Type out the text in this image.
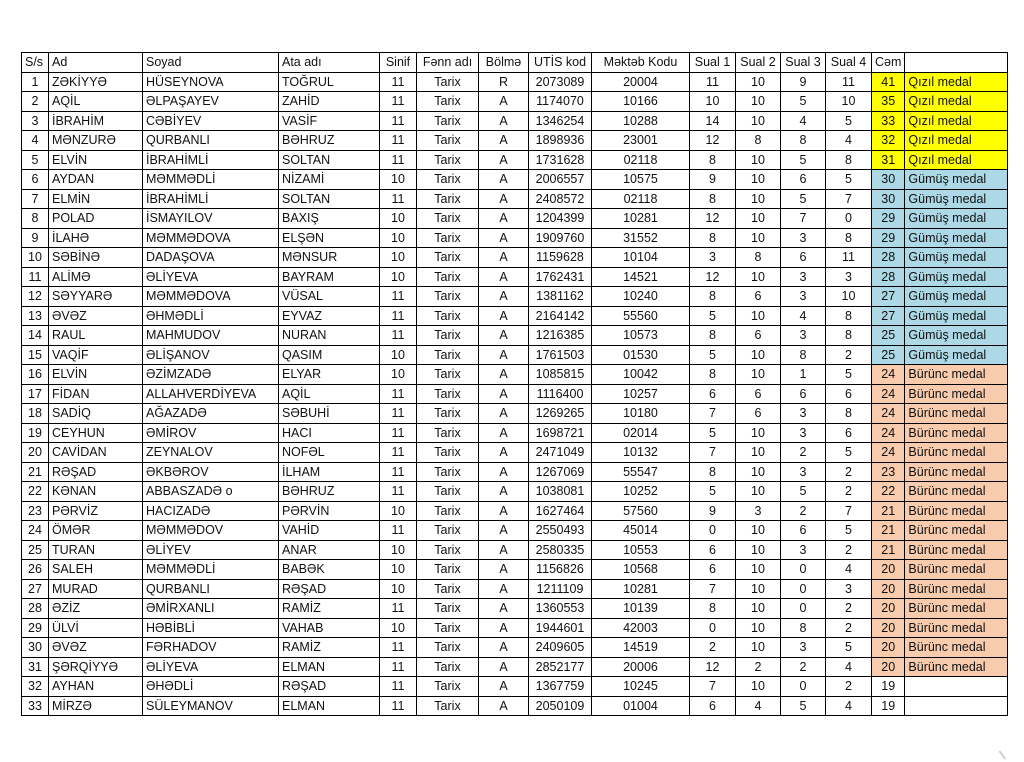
S/s	Ad	Soyad	Ata adı	Sinif	Fənn adı	Bölmə	UTİS kod	Məktəb Kodu	Sual 1	Sual 2	Sual 3	Sual 4	Cəm	
1	ZƏKİYYƏ	HÜSEYNOVA	TOĞRUL	11	Tarix	R	2073089	20004	11	10	9	11	41	Qızıl medal
2	AQİL	ƏLPAŞAYEV	ZAHİD	11	Tarix	A	1174070	10166	10	10	5	10	35	Qızıl medal
3	İBRAHİM	CƏBİYEV	VASİF	11	Tarix	A	1346254	10288	14	10	4	5	33	Qızıl medal
4	MƏNZURƏ	QURBANLI	BƏHRUZ	11	Tarix	A	1898936	23001	12	8	8	4	32	Qızıl medal
5	ELVİN	İBRAHİMLİ	SOLTAN	11	Tarix	A	1731628	02118	8	10	5	8	31	Qızıl medal
6	AYDAN	MƏMMƏDLİ	NİZAMİ	10	Tarix	A	2006557	10575	9	10	6	5	30	Gümüş medal
7	ELMİN	İBRAHİMLİ	SOLTAN	11	Tarix	A	2408572	02118	8	10	5	7	30	Gümüş medal
8	POLAD	İSMAYILOV	BAXIŞ	10	Tarix	A	1204399	10281	12	10	7	0	29	Gümüş medal
9	İLAHƏ	MƏMMƏDOVA	ELŞƏN	10	Tarix	A	1909760	31552	8	10	3	8	29	Gümüş medal
10	SƏBİNƏ	DADAŞOVA	MƏNSUR	10	Tarix	A	1159628	10104	3	8	6	11	28	Gümüş medal
11	ALİMƏ	ƏLİYEVA	BAYRAM	10	Tarix	A	1762431	14521	12	10	3	3	28	Gümüş medal
12	SƏYYARƏ	MƏMMƏDOVA	VÜSAL	11	Tarix	A	1381162	10240	8	6	3	10	27	Gümüş medal
13	ƏVƏZ	ƏHMƏDLİ	EYVAZ	11	Tarix	A	2164142	55560	5	10	4	8	27	Gümüş medal
14	RAUL	MAHMUDOV	NURAN	11	Tarix	A	1216385	10573	8	6	3	8	25	Gümüş medal
15	VAQİF	ƏLİŞANOV	QASIM	10	Tarix	A	1761503	01530	5	10	8	2	25	Gümüş medal
16	ELVİN	ƏZİMZADƏ	ELYAR	10	Tarix	A	1085815	10042	8	10	1	5	24	Bürünc medal
17	FİDAN	ALLAHVERDİYEVA	AQİL	11	Tarix	A	1116400	10257	6	6	6	6	24	Bürünc medal
18	SADİQ	AĞAZADƏ	SƏBUHİ	11	Tarix	A	1269265	10180	7	6	3	8	24	Bürünc medal
19	CEYHUN	ƏMİROV	HACI	11	Tarix	A	1698721	02014	5	10	3	6	24	Bürünc medal
20	CAVİDAN	ZEYNALOV	NOFƏL	11	Tarix	A	2471049	10132	7	10	2	5	24	Bürünc medal
21	RƏŞAD	ƏKBƏROV	İLHAM	11	Tarix	A	1267069	55547	8	10	3	2	23	Bürünc medal
22	KƏNAN	ABBASZADƏ o	BƏHRUZ	11	Tarix	A	1038081	10252	5	10	5	2	22	Bürünc medal
23	PƏRVİZ	HACIZADƏ	PƏRVİN	10	Tarix	A	1627464	57560	9	3	2	7	21	Bürünc medal
24	ÖMƏR	MƏMMƏDOV	VAHİD	11	Tarix	A	2550493	45014	0	10	6	5	21	Bürünc medal
25	TURAN	ƏLİYEV	ANAR	10	Tarix	A	2580335	10553	6	10	3	2	21	Bürünc medal
26	SALEH	MƏMMƏDLİ	BABƏK	10	Tarix	A	1156826	10568	6	10	0	4	20	Bürünc medal
27	MURAD	QURBANLI	RƏŞAD	10	Tarix	A	1211109	10281	7	10	0	3	20	Bürünc medal
28	ƏZİZ	ƏMİRXANLI	RAMİZ	11	Tarix	A	1360553	10139	8	10	0	2	20	Bürünc medal
29	ÜLVİ	HƏBİBLİ	VAHAB	10	Tarix	A	1944601	42003	0	10	8	2	20	Bürünc medal
30	ƏVƏZ	FƏRHADOV	RAMİZ	11	Tarix	A	2409605	14519	2	10	3	5	20	Bürünc medal
31	ŞƏRQİYYƏ	ƏLİYEVA	ELMAN	11	Tarix	A	2852177	20006	12	2	2	4	20	Bürünc medal
32	AYHAN	ƏHƏDLİ	RƏŞAD	11	Tarix	A	1367759	10245	7	10	0	2	19	
33	MİRZƏ	SÜLEYMANOV	ELMAN	11	Tarix	A	2050109	01004	6	4	5	4	19	
